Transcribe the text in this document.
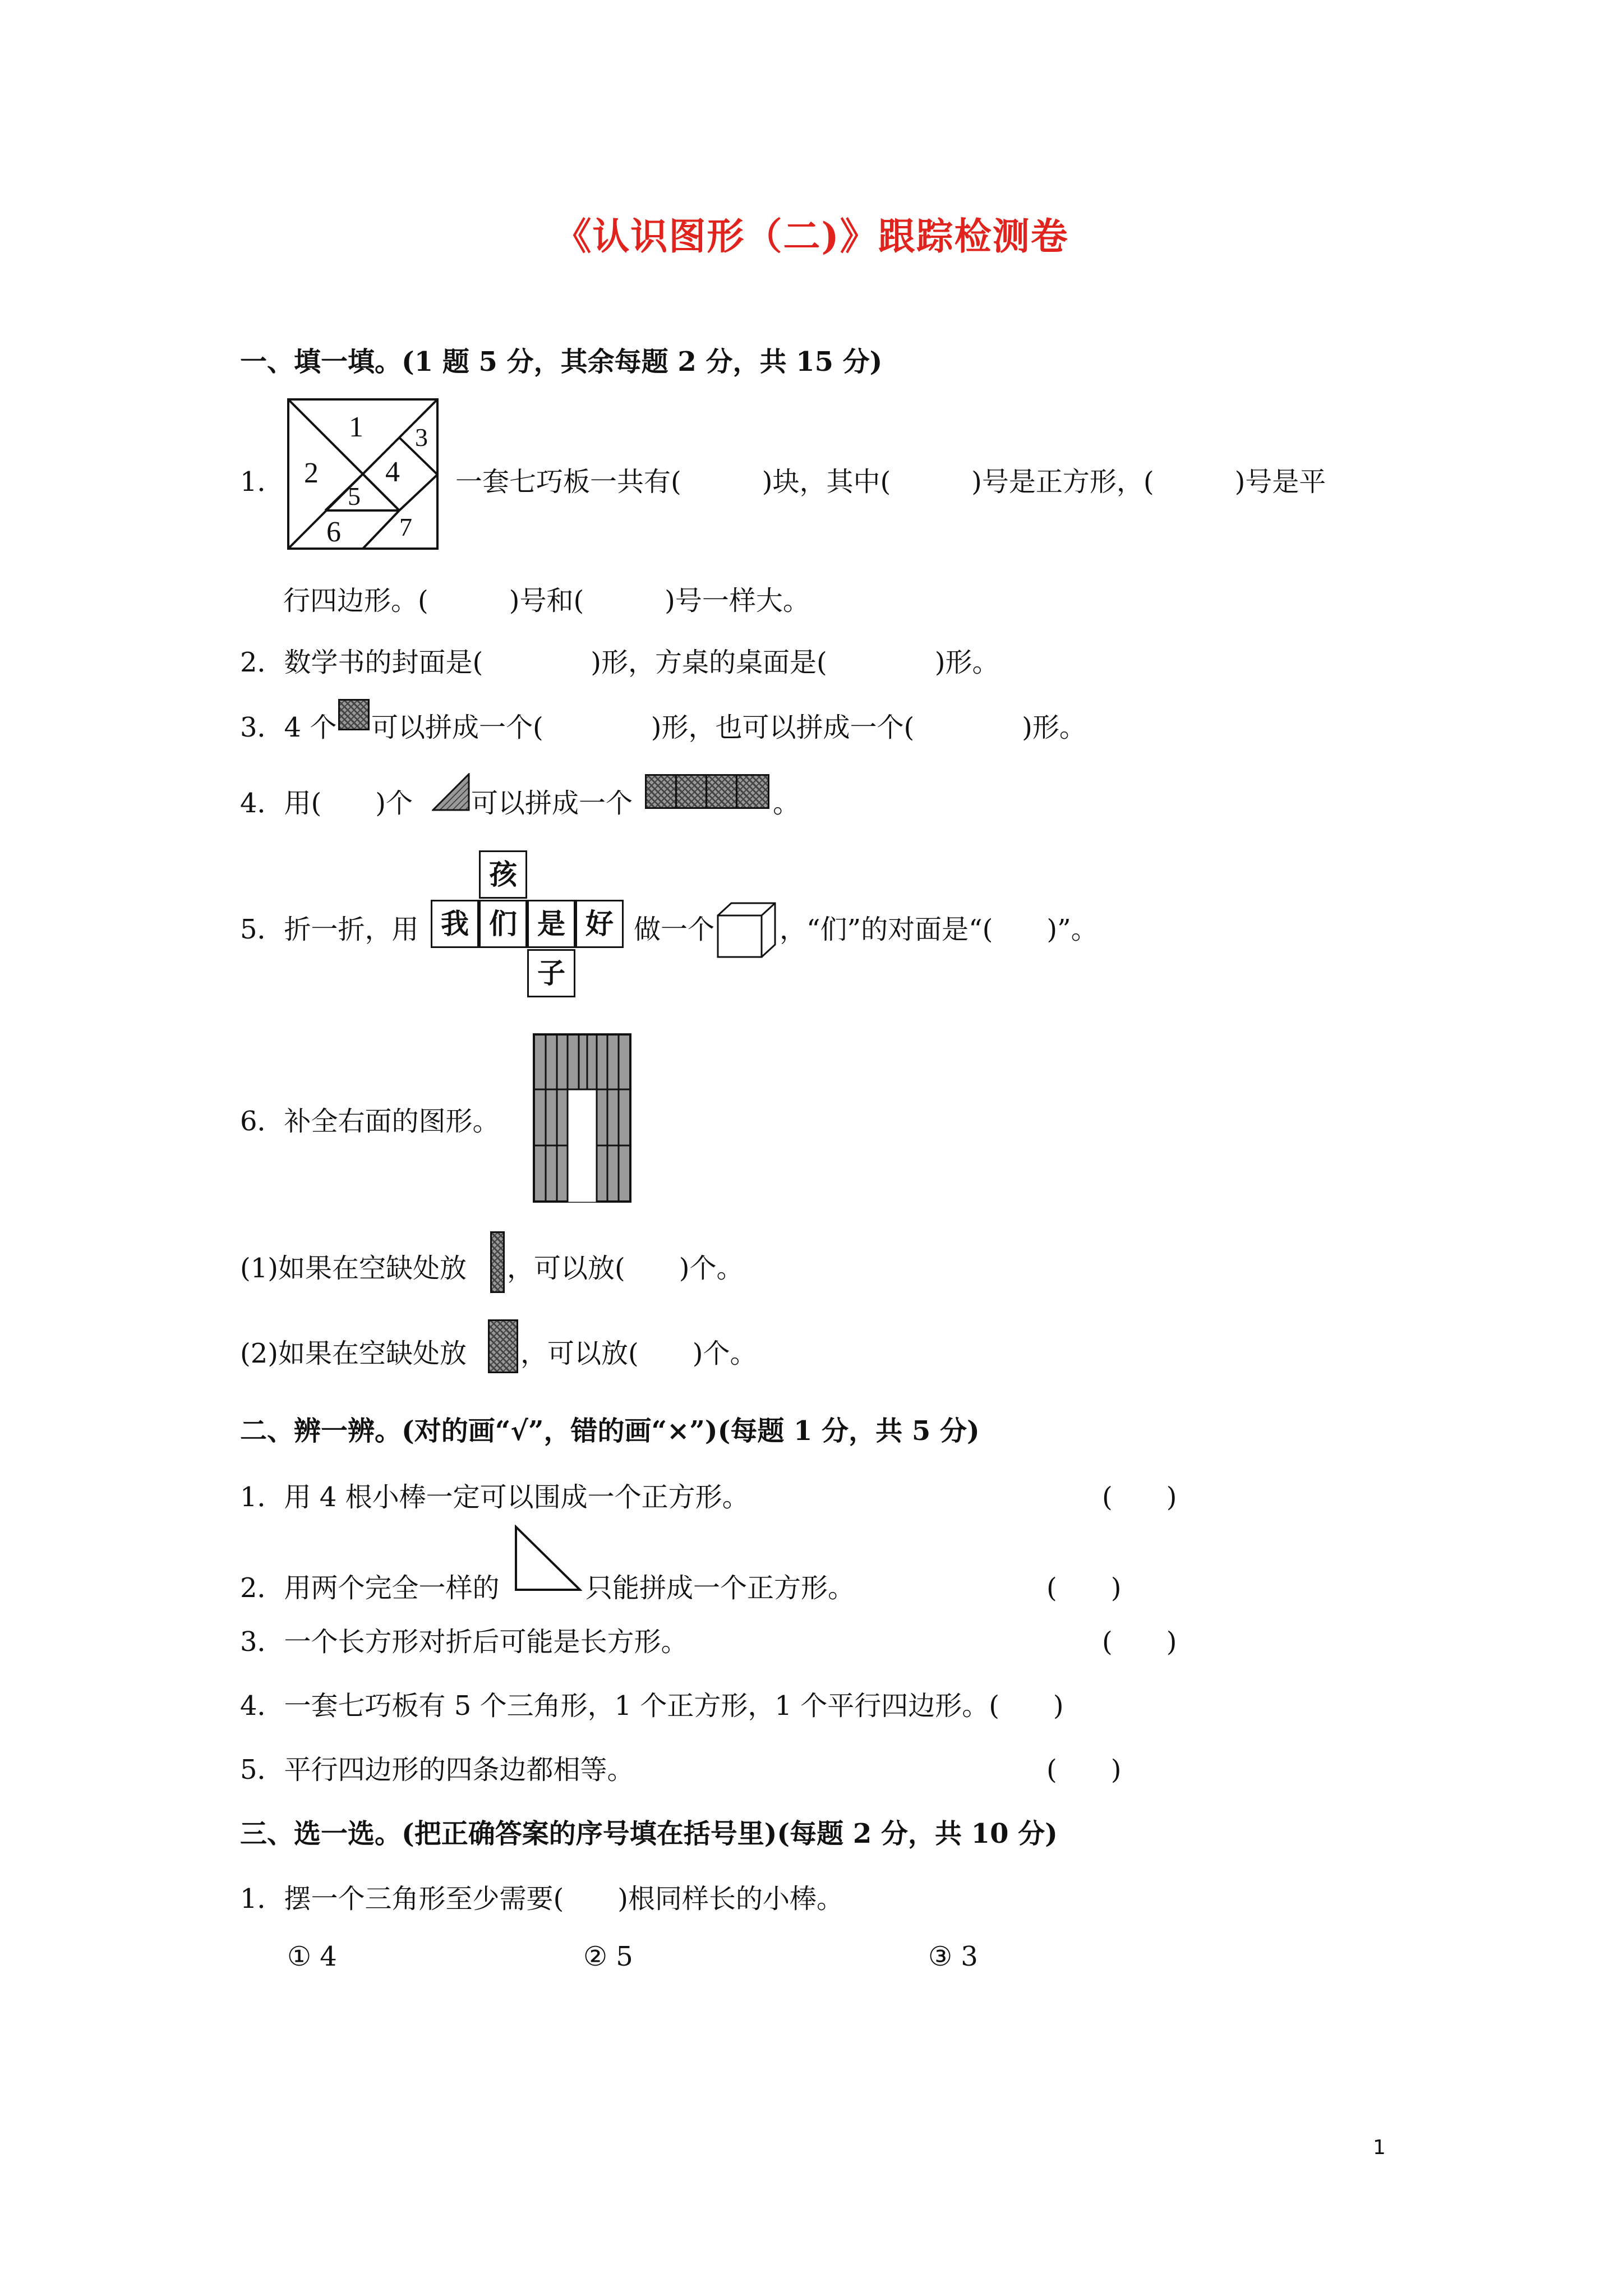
《认识图形（二)》跟踪检测卷
一、填一填。(1 题 5 分，其余每题 2 分，共 15 分)
1．
1
2
3
4
5
6 7
一套七巧板一共有(　　　)块，其中(　　　)号是正方形，(　　　)号是平
行四边形。(　　　)号和(　　　)号一样大。
2．数学书的封面是(　　　　)形，方桌的桌面是(　　　　)形。
3．4 个 可以拼成一个(　　　　)形，也可以拼成一个(　　　　)形。
4．用(　　)个 可以拼成一个	。
5．折一折，用
孩
我 们 是 好
子
做一个 ，“们”的对面是“(　　)”。
6．补全右面的图形。
(1)如果在空缺处放 ，可以放(　　)个。
(2)如果在空缺处放 ，可以放(　　)个。
二、辨一辨。(对的画“√”，错的画“×”)(每题 1 分，共 5 分)
1．用 4 根小棒一定可以围成一个正方形。	(　　)
2．用两个完全一样的	只能拼成一个正方形。	(　　)
3．一个长方形对折后可能是长方形。	(　　)
4．一套七巧板有 5 个三角形，1 个正方形，1 个平行四边形。(　　)
5．平行四边形的四条边都相等。	(　　)
三、选一选。(把正确答案的序号填在括号里)(每题 2 分，共 10 分)
1．摆一个三角形至少需要(　　)根同样长的小棒。
① 4	② 5	③ 3
1
